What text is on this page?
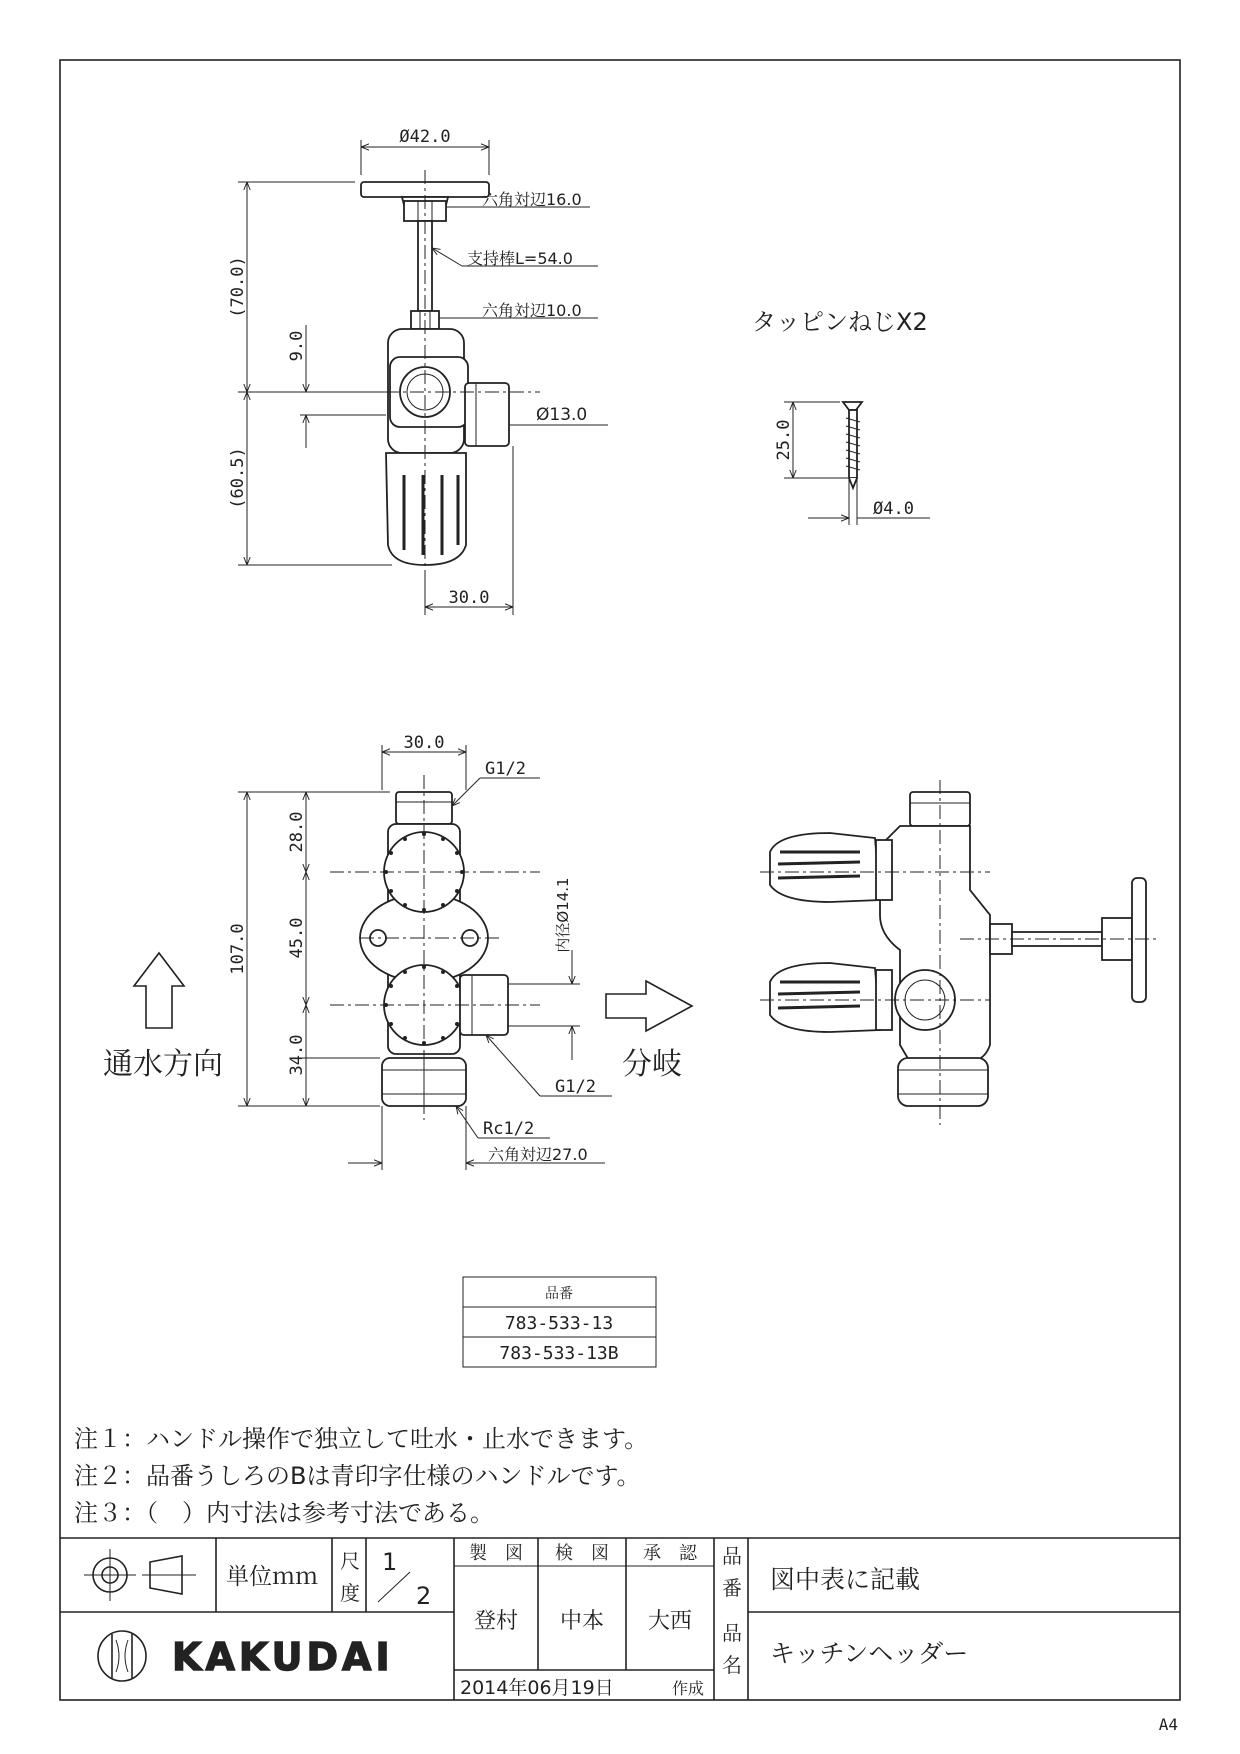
Ø42.0
六角対辺16.0
支持棒L=54.0
六角対辺10.0
Ø13.0
(70.0)
(60.5)
9.0
30.0
タッピンねじX2
25.0
Ø4.0
30.0
G1/2
107.0
28.0
45.0
34.0
内径Ø14.1
G1/2
Rc1/2
六角対辺27.0
通水方向	分岐
品番
783-533-13
783-533-13B
注１：ハンドル操作で独立して吐水・止水できます。
注２：品番うしろのBは青印字仕様のハンドルです。
注３：（　）内寸法は参考寸法である。
単位ｍｍ
尺
度
1
2
製　図 検　図 承　認
登村 中本 大西
品
番 図中表に記載
品
名 キッチンヘッダー
2014年06月19日	作成
KAKUDAI
A4
